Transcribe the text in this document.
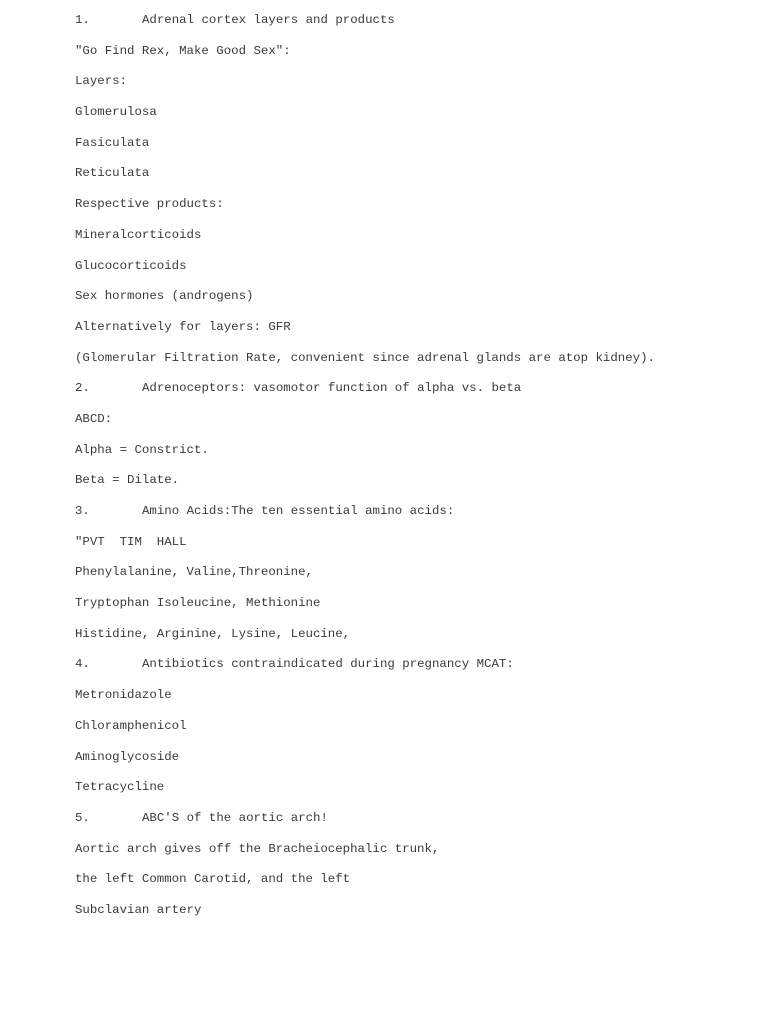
1.	Adrenal cortex layers and products
"Go Find Rex, Make Good Sex":
Layers:
Glomerulosa
Fasiculata
Reticulata
Respective products:
Mineralcorticoids
Glucocorticoids
Sex hormones (androgens)
Alternatively for layers: GFR
(Glomerular Filtration Rate, convenient since adrenal glands are atop kidney).
2.	Adrenoceptors: vasomotor function of alpha vs. beta
ABCD:
Alpha = Constrict.
Beta = Dilate.
3.	Amino Acids:The ten essential amino acids:
"PVT  TIM  HALL
Phenylalanine, Valine,Threonine,
Tryptophan Isoleucine, Methionine
Histidine, Arginine, Lysine, Leucine,
4.	Antibiotics contraindicated during pregnancy MCAT:
Metronidazole
Chloramphenicol
Aminoglycoside
Tetracycline
5.	ABC'S of the aortic arch!
Aortic arch gives off the Bracheiocephalic trunk,
the left Common Carotid, and the left
Subclavian artery
